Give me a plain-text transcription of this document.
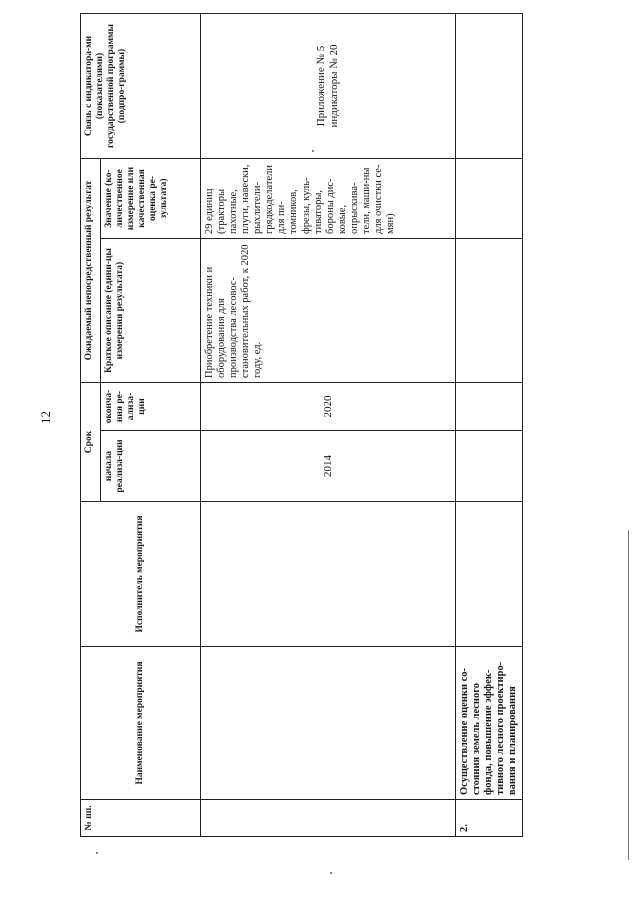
12
№ пп.	Наименование мероприятия	Исполнитель мероприятия	Срок		Ожидаемый непосредственный результат		Связь с индикатора-ми (показателями) государственной программы (подпро-граммы)
			начала реализа-ции	оконча-ния ре-ализа-ции	Краткое описание (едини-цы измерения результата)	Значение (ко-личественное измерение или качественная оценка ре-зультата)	
			2014	2020	Приобретение техники и оборудования для производства лесовос-становительных работ, к 2020 году, ед.	29 единиц (тракторы пахотные, плуги, навески, рыхлители-грядкоделатели для пи-томников, фрезы, куль-тиваторы, бороны дис-ковые, опрыскива-тели, маши-ны для очистки се-мян)	Приложение № 5 индикаторы № 20
2.	Осуществление оценки со-стояния земель лесного фонда, повышение эффек-тивного лесного проектиро-вания и планирования						
